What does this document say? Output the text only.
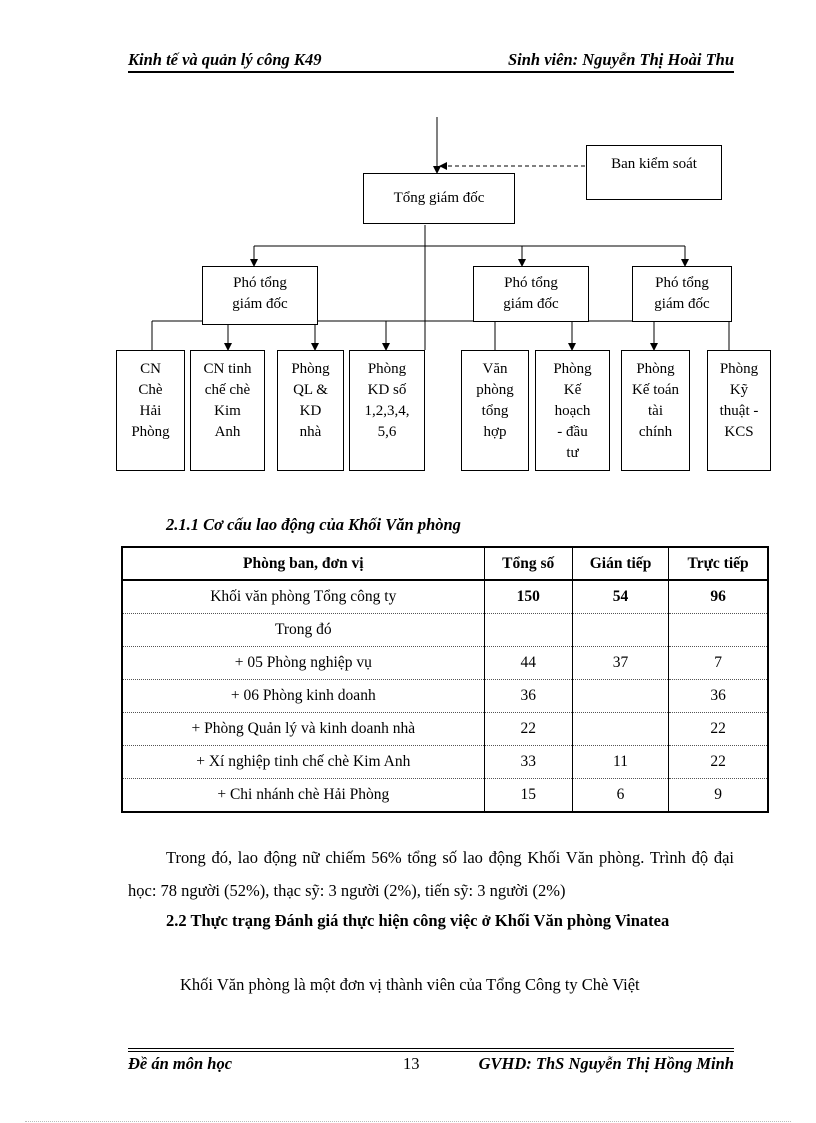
Kinh tế và quản lý công K49	Sinh viên: Nguyễn Thị Hoài Thu
Ban kiểm soát
Tổng giám đốc
Phó tổng
giám đốc
Phó tổng
giám đốc
Phó tổng
giám đốc
CN
Chè
Hải
Phòng
CN tinh
chế chè
Kim
Anh
Phòng
QL &
KD
nhà
Phòng
KD số
1,2,3,4,
5,6
Văn
phòng
tổng
hợp
Phòng
Kế
hoạch
- đầu
tư
Phòng
Kế toán
tài
chính
Phòng
Kỹ
thuật -
KCS
2.1.1 Cơ cấu lao động của Khối Văn phòng
Phòng ban, đơn vị	Tổng số	Gián tiếp	Trực tiếp
Khối văn phòng Tổng công ty	150	54	96
Trong đó			
+ 05 Phòng nghiệp vụ	44	37	7
+ 06 Phòng kinh doanh	36		36
+ Phòng Quản lý và kinh doanh nhà	22		22
+ Xí nghiệp tinh chế chè Kim Anh	33	11	22
+ Chi nhánh chè Hải Phòng	15	6	9
Trong đó, lao động nữ chiếm 56% tổng số lao động Khối Văn phòng. Trình độ đại học: 78 người (52%), thạc sỹ: 3 người (2%), tiến sỹ: 3 người (2%)
2.2 Thực trạng Đánh giá thực hiện công việc ở Khối Văn phòng Vinatea
Khối Văn phòng là một đơn vị thành viên của Tổng Công ty Chè Việt
Đề án môn học	13	GVHD: ThS Nguyễn Thị Hồng Minh
